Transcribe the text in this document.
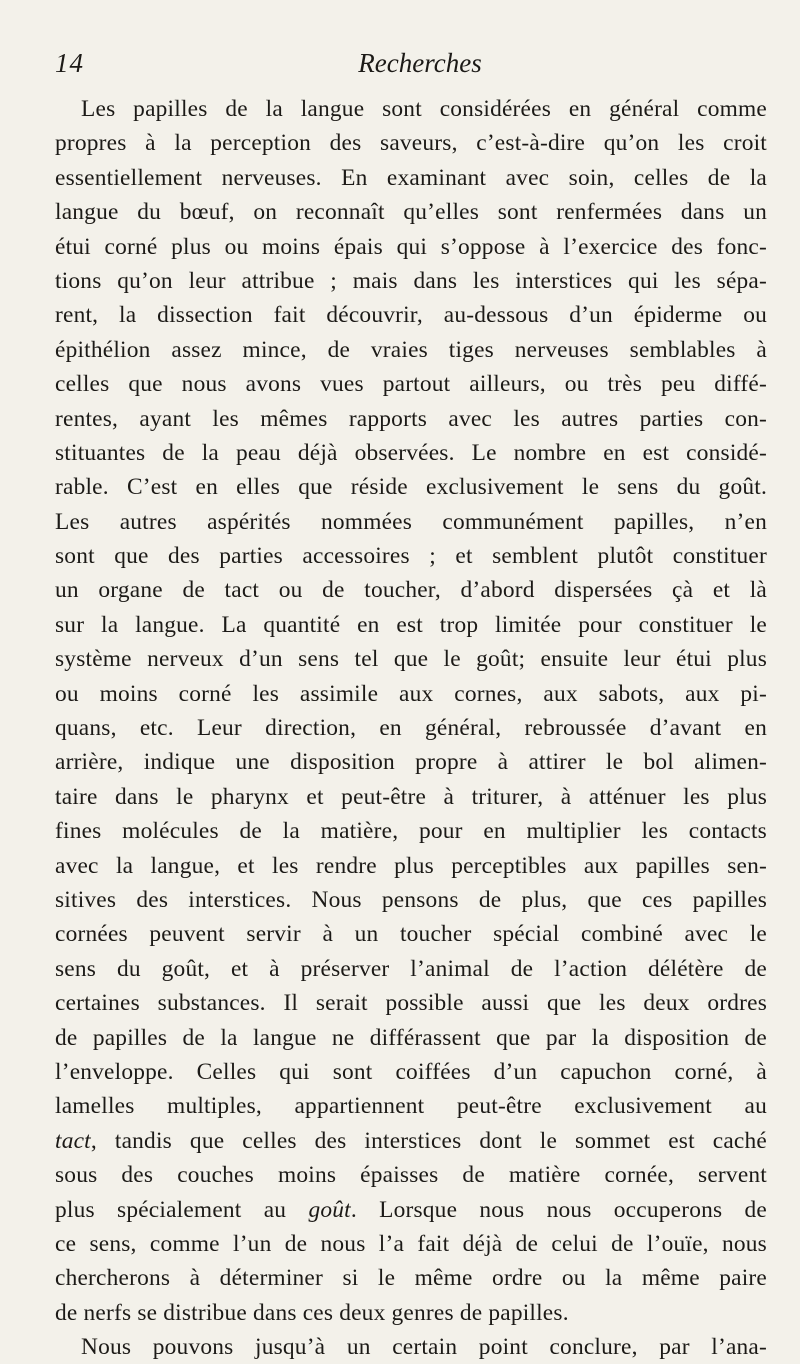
14	Recherches
Les papilles de la langue sont considérées en général comme
propres à la perception des saveurs, c’est-à-dire qu’on les croit
essentiellement nerveuses. En examinant avec soin, celles de la
langue du bœuf, on reconnaît qu’elles sont renfermées dans un
étui corné plus ou moins épais qui s’oppose à l’exercice des fonc-
tions qu’on leur attribue ; mais dans les interstices qui les sépa-
rent, la dissection fait découvrir, au-dessous d’un épiderme ou
épithélion assez mince, de vraies tiges nerveuses semblables à
celles que nous avons vues partout ailleurs, ou très peu diffé-
rentes, ayant les mêmes rapports avec les autres parties con-
stituantes de la peau déjà observées. Le nombre en est considé-
rable. C’est en elles que réside exclusivement le sens du goût.
Les autres aspérités nommées communément papilles, n’en
sont que des parties accessoires ; et semblent plutôt constituer
un organe de tact ou de toucher, d’abord dispersées çà et là
sur la langue. La quantité en est trop limitée pour constituer le
système nerveux d’un sens tel que le goût; ensuite leur étui plus
ou moins corné les assimile aux cornes, aux sabots, aux pi-
quans, etc. Leur direction, en général, rebroussée d’avant en
arrière, indique une disposition propre à attirer le bol alimen-
taire dans le pharynx et peut-être à triturer, à atténuer les plus
fines molécules de la matière, pour en multiplier les contacts
avec la langue, et les rendre plus perceptibles aux papilles sen-
sitives des interstices. Nous pensons de plus, que ces papilles
cornées peuvent servir à un toucher spécial combiné avec le
sens du goût, et à préserver l’animal de l’action délétère de
certaines substances. Il serait possible aussi que les deux ordres
de papilles de la langue ne différassent que par la disposition de
l’enveloppe. Celles qui sont coiffées d’un capuchon corné, à
lamelles multiples, appartiennent peut-être exclusivement au
tact, tandis que celles des interstices dont le sommet est caché
sous des couches moins épaisses de matière cornée, servent
plus spécialement au goût. Lorsque nous nous occuperons de
ce sens, comme l’un de nous l’a fait déjà de celui de l’ouïe, nous
chercherons à déterminer si le même ordre ou la même paire
de nerfs se distribue dans ces deux genres de papilles.
Nous pouvons jusqu’à un certain point conclure, par l’ana-
